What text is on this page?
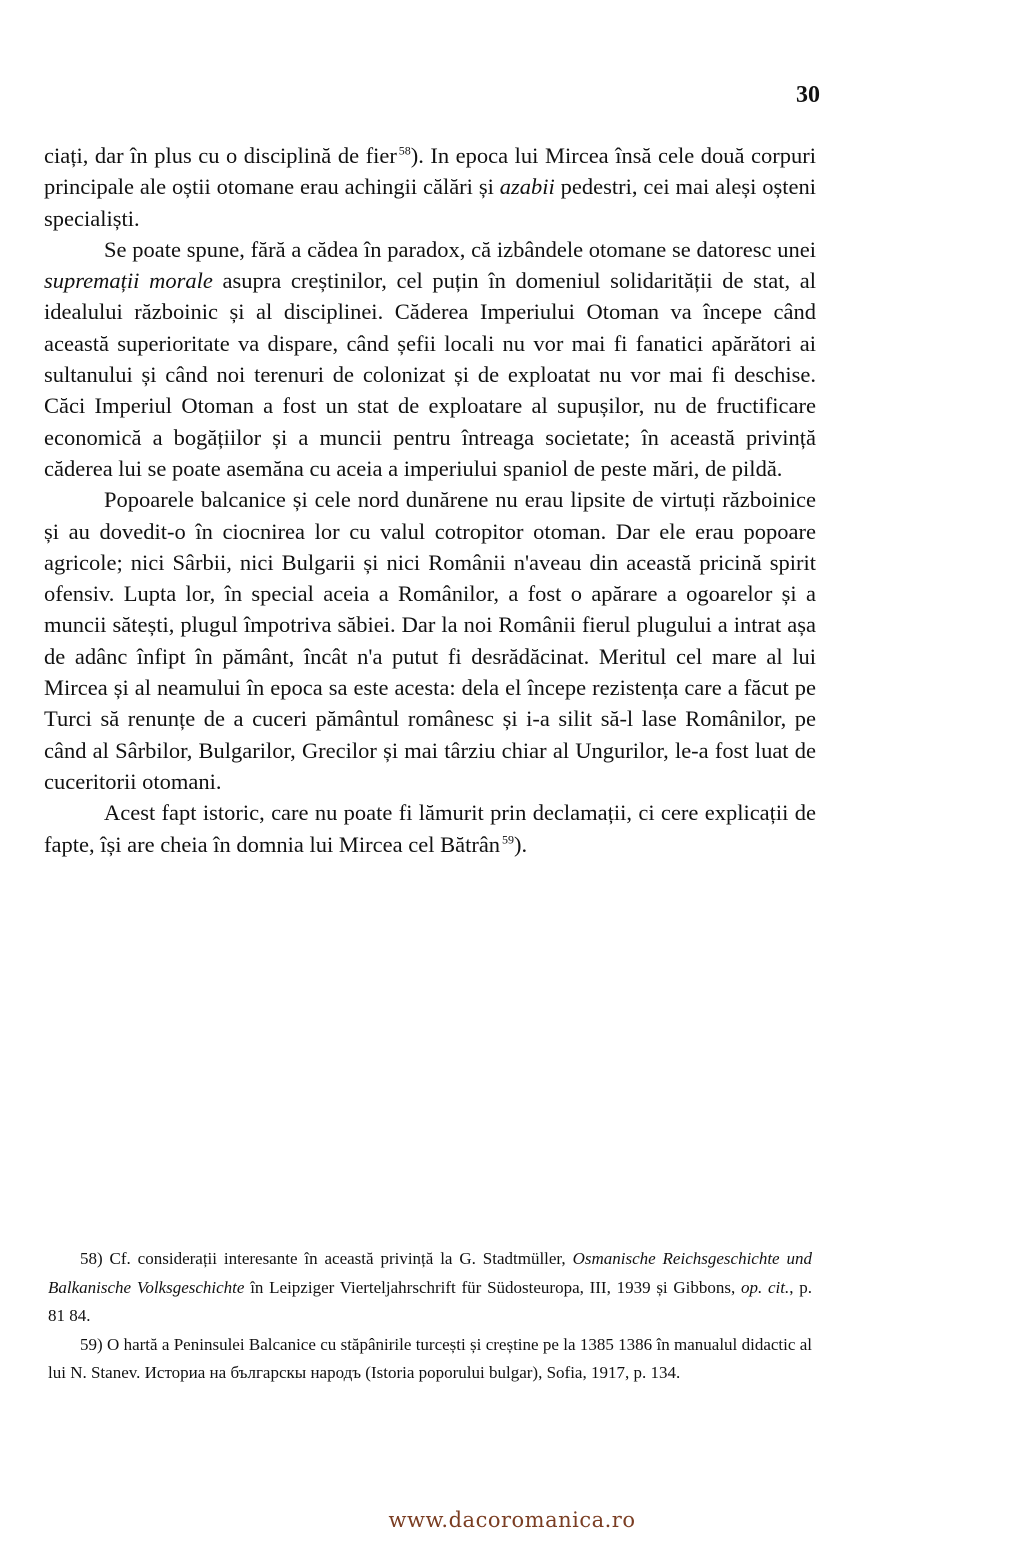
30

ciați, dar în plus cu o disciplină de fier  $^{58}$). In epoca lui Mircea însă cele două corpuri principale ale oștii otomane erau achingii călări și azabii pedestri, cei mai aleși oșteni specialiști.

Se poate spune, fără a cădea în paradox, că izbândele otomane se datoresc unei supremații morale asupra creștinilor, cel puțin în domeniul solidarității de stat, al idealului războinic și al disciplinei. Căderea Imperiului Otoman va începe când această superioritate va dispare, când șefii locali nu vor mai fi fanatici apărători ai sultanului și când noi terenuri de colonizat și de exploatat nu vor mai fi deschise. Căci Imperiul Otoman a fost un stat de exploatare al supușilor, nu de fructificare economică a bogățiilor și a muncii pentru întreaga societate; în această privință căderea lui se poate asemăna cu aceia a imperiului spaniol de peste mări, de pildă.

Popoarele balcanice și cele nord dunărene nu erau lipsite de virtuți războinice și au dovedit-o în ciocnirea lor cu valul cotropitor otoman. Dar ele erau popoare agricole; nici Sârbii, nici Bulgarii și nici Românii n'aveau din această pricină spirit ofensiv. Lupta lor, în special aceia a Românilor, a fost o apărare a ogoarelor și a muncii sătești, plugul împotriva săbiei. Dar la noi Românii fierul plugului a intrat așa de adânc înfipt în pământ, încât n'a putut fi desrădăcinat. Meritul cel mare al lui Mircea și al neamului în epoca sa este acesta: dela el începe rezistența care a făcut pe Turci să renunțe de a cuceri pământul românesc și i-a silit să-l lase Românilor, pe când al Sârbilor, Bulgarilor, Grecilor și mai târziu chiar al Ungurilor, le-a fost luat de cuceritorii otomani.

Acest fapt istoric, care nu poate fi lămurit prin declamații, ci cere explicații de fapte, își are cheia în domnia lui Mircea cel Bătrân  $^{59}$).

58) Cf. considerații interesante în această privință la G. Stadtmüller, Osmanische Reichsgeschichte und Balkanische Volksgeschichte în Leipziger Vierteljahrschrift für Südosteuropa, III, 1939 și Gibbons, op. cit., p. 81 84.

59) O hartă a Peninsulei Balcanice cu stăpânirile turcești și creștine pe la 1385 1386 în manualul didactic al lui N. Stanev. Историа на българскы народъ (Istoria poporului bulgar), Sofia, 1917, p. 134.

www.dacoromanica.ro
